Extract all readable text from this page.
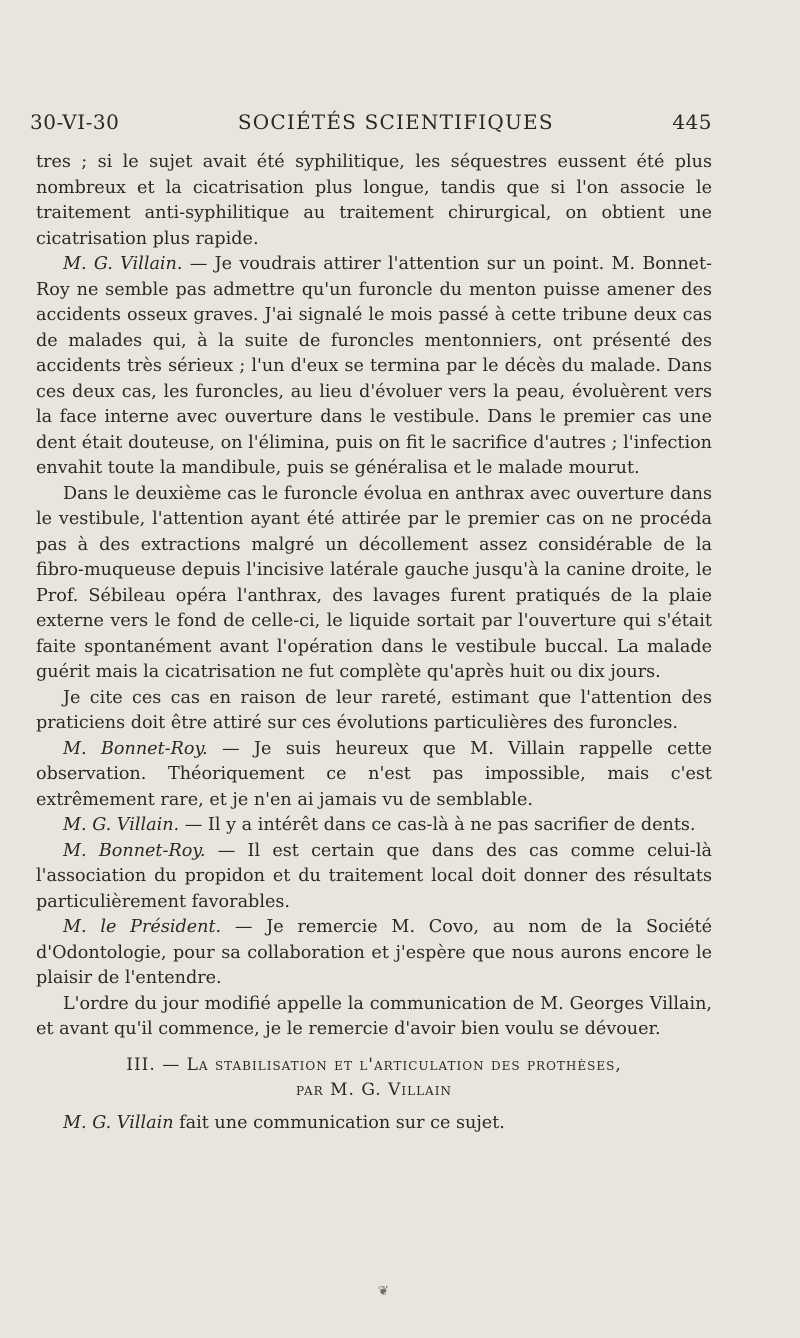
30-VI-30	SOCIÉTÉS SCIENTIFIQUES	445

tres ; si le sujet avait été syphilitique, les séquestres eussent été plus nombreux et la cicatrisation plus longue, tandis que si l'on associe le traitement anti-syphilitique au traitement chirurgical, on obtient une cicatrisation plus rapide.

M. G. Villain. — Je voudrais attirer l'attention sur un point. M. Bonnet-Roy ne semble pas admettre qu'un furoncle du menton puisse amener des accidents osseux graves. J'ai signalé le mois passé à cette tribune deux cas de malades qui, à la suite de furoncles mentonniers, ont présenté des accidents très sérieux ; l'un d'eux se termina par le décès du malade. Dans ces deux cas, les furoncles, au lieu d'évoluer vers la peau, évoluèrent vers la face interne avec ouverture dans le vestibule. Dans le premier cas une dent était douteuse, on l'élimina, puis on fit le sacrifice d'autres ; l'infection envahit toute la mandibule, puis se généralisa et le malade mourut.

Dans le deuxième cas le furoncle évolua en anthrax avec ouverture dans le vestibule, l'attention ayant été attirée par le premier cas on ne procéda pas à des extractions malgré un décollement assez considérable de la fibro-muqueuse depuis l'incisive latérale gauche jusqu'à la canine droite, le Prof. Sébileau opéra l'anthrax, des lavages furent pratiqués de la plaie externe vers le fond de celle-ci, le liquide sortait par l'ouverture qui s'était faite spontanément avant l'opération dans le vestibule buccal. La malade guérit mais la cicatrisation ne fut complète qu'après huit ou dix jours.

Je cite ces cas en raison de leur rareté, estimant que l'attention des praticiens doit être attiré sur ces évolutions particulières des furoncles.

M. Bonnet-Roy. — Je suis heureux que M. Villain rappelle cette observation. Théoriquement ce n'est pas impossible, mais c'est extrêmement rare, et je n'en ai jamais vu de semblable.

M. G. Villain. — Il y a intérêt dans ce cas-là à ne pas sacrifier de dents.

M. Bonnet-Roy. — Il est certain que dans des cas comme celui-là l'association du propidon et du traitement local doit donner des résultats particulièrement favorables.

M. le Président. — Je remercie M. Covo, au nom de la Société d'Odontologie, pour sa collaboration et j'espère que nous aurons encore le plaisir de l'entendre.

L'ordre du jour modifié appelle la communication de M. Georges Villain, et avant qu'il commence, je le remercie d'avoir bien voulu se dévouer.

III. — La stabilisation et l'articulation des prothèses,
par M. G. Villain

M. G. Villain fait une communication sur ce sujet.

❦
